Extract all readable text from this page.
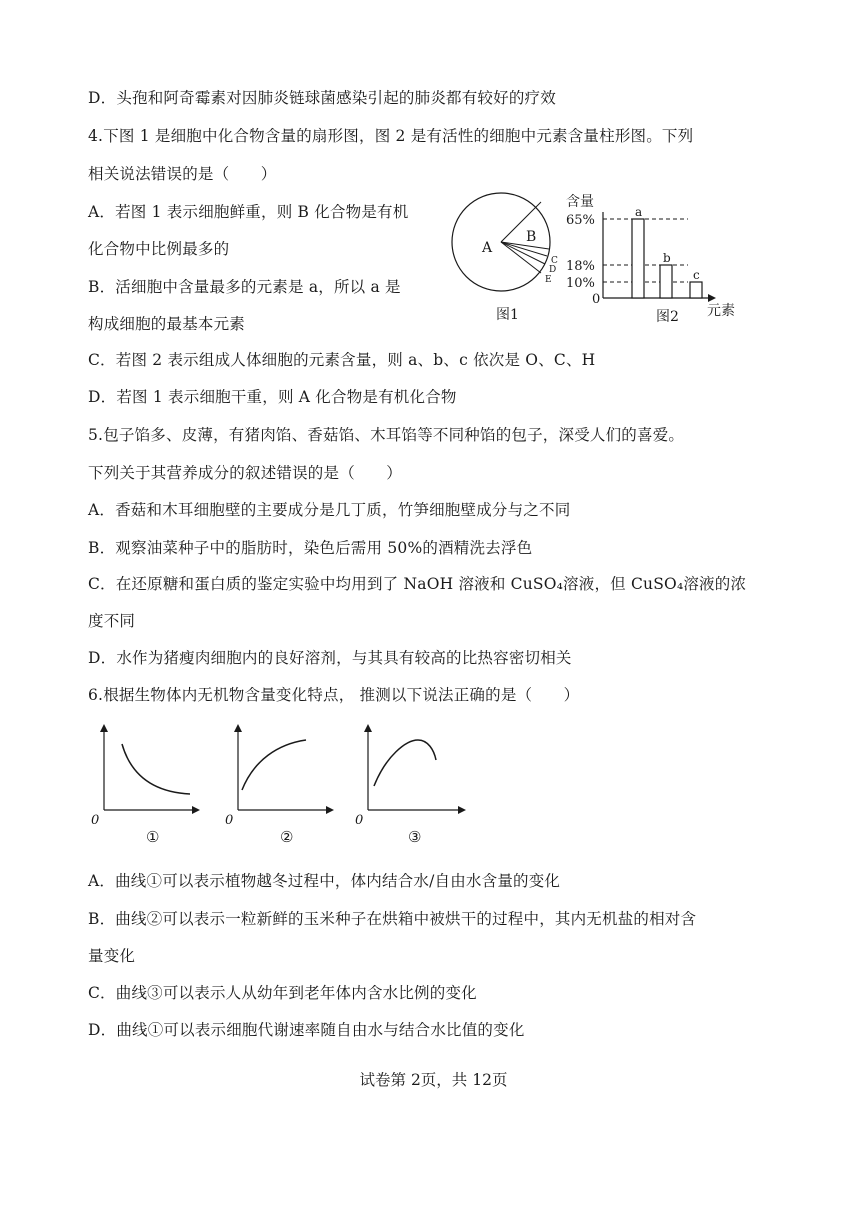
D．头孢和阿奇霉素对因肺炎链球菌感染引起的肺炎都有较好的疗效
4.下图 1 是细胞中化合物含量的扇形图，图 2 是有活性的细胞中元素含量柱形图。下列
相关说法错误的是（　　）
A．若图 1 表示细胞鲜重，则 B 化合物是有机
化合物中比例最多的
B．活细胞中含量最多的元素是 a，所以 a 是
构成细胞的最基本元素
C．若图 2 表示组成人体细胞的元素含量，则 a、b、c 依次是 O、C、H
D．若图 1 表示细胞干重，则 A 化合物是有机化合物
5.包子馅多、皮薄，有猪肉馅、香菇馅、木耳馅等不同种馅的包子，深受人们的喜爱。
下列关于其营养成分的叙述错误的是（　　）
A．香菇和木耳细胞壁的主要成分是几丁质，竹笋细胞壁成分与之不同
B．观察油菜种子中的脂肪时，染色后需用 50%的酒精洗去浮色
C．在还原糖和蛋白质的鉴定实验中均用到了 NaOH 溶液和 CuSO₄溶液，但 CuSO₄溶液的浓
度不同
D．水作为猪瘦肉细胞内的良好溶剂，与其具有较高的比热容密切相关
6.根据生物体内无机物含量变化特点， 推测以下说法正确的是（　　）
A
B
C
D
E
图1
含量
65%
18%
10%
0
a
b
c
元素
图2
0
①
0
②
0
③
A．曲线①可以表示植物越冬过程中，体内结合水/自由水含量的变化
B．曲线②可以表示一粒新鲜的玉米种子在烘箱中被烘干的过程中，其内无机盐的相对含
量变化
C．曲线③可以表示人从幼年到老年体内含水比例的变化
D．曲线①可以表示细胞代谢速率随自由水与结合水比值的变化
试卷第 2页，共 12页
